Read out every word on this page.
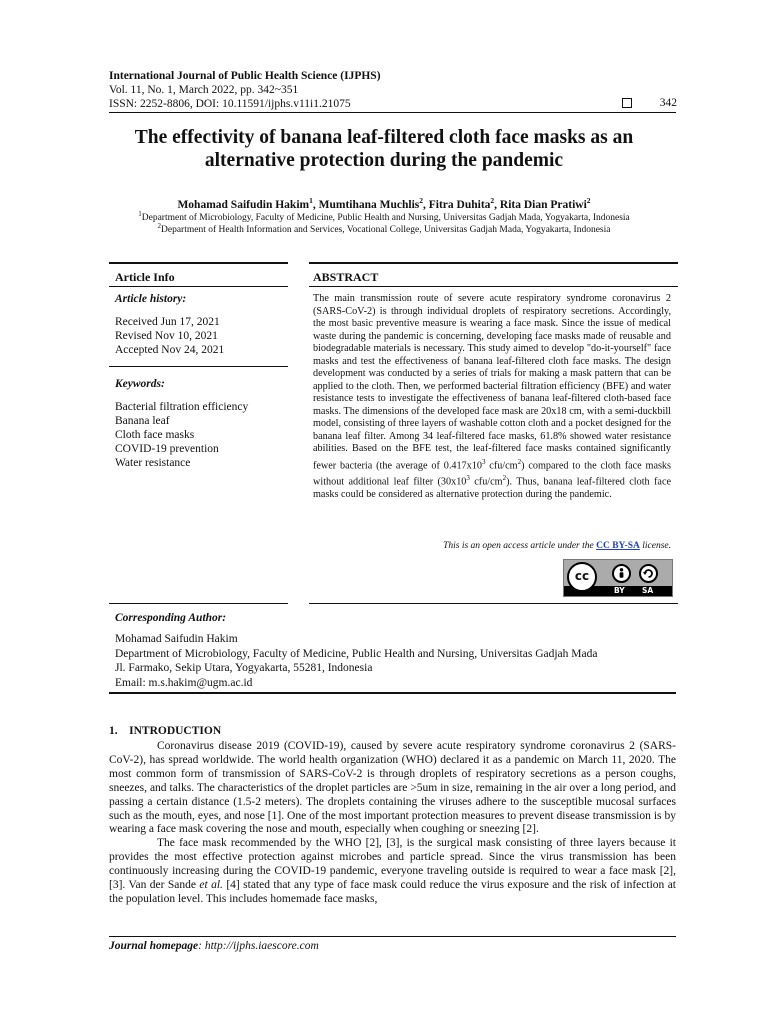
International Journal of Public Health Science (IJPHS)
Vol. 11, No. 1, March 2022, pp. 342~351
ISSN: 2252-8806, DOI: 10.11591/ijphs.v11i1.21075	342
The effectivity of banana leaf-filtered cloth face masks as an
alternative protection during the pandemic
Mohamad Saifudin Hakim$^1$, Mumtihana Muchlis$^2$, Fitra Duhita$^2$, Rita Dian Pratiwi$^2$
$^1$Department of Microbiology, Faculty of Medicine, Public Health and Nursing, Universitas Gadjah Mada, Yogyakarta, Indonesia
$^2$Department of Health Information and Services, Vocational College, Universitas Gadjah Mada, Yogyakarta, Indonesia
Article Info
Article history:
Received Jun 17, 2021
Revised Nov 10, 2021
Accepted Nov 24, 2021
Keywords:
Bacterial filtration efficiency
Banana leaf
Cloth face masks
COVID-19 prevention
Water resistance
ABSTRACT
The main transmission route of severe acute respiratory syndrome coronavirus 2 (SARS-CoV-2) is through individual droplets of respiratory secretions. Accordingly, the most basic preventive measure is wearing a face mask. Since the issue of medical waste during the pandemic is concerning, developing face masks made of reusable and biodegradable materials is necessary. This study aimed to develop "do-it-yourself" face masks and test the effectiveness of banana leaf-filtered cloth face masks. The design development was conducted by a series of trials for making a mask pattern that can be applied to the cloth. Then, we performed bacterial filtration efficiency (BFE) and water resistance tests to investigate the effectiveness of banana leaf-filtered cloth-based face masks. The dimensions of the developed face mask are 20x18 cm, with a semi-duckbill model, consisting of three layers of washable cotton cloth and a pocket designed for the banana leaf filter. Among 34 leaf-filtered face masks, 61.8% showed water resistance abilities. Based on the BFE test, the leaf-filtered face masks contained significantly fewer bacteria (the average of $0.417x10^3$ cfu/$cm^2$) compared to the cloth face masks without additional leaf filter ($30x10^3$ cfu/$cm^2$). Thus, banana leaf-filtered cloth face masks could be considered as alternative protection during the pandemic.
This is an open access article under the CC BY-SA license.
cc
BY SA
Corresponding Author:
Mohamad Saifudin Hakim
Department of Microbiology, Faculty of Medicine, Public Health and Nursing, Universitas Gadjah Mada
Jl. Farmako, Sekip Utara, Yogyakarta, 55281, Indonesia
Email: m.s.hakim@ugm.ac.id
1.    INTRODUCTION

Coronavirus disease 2019 (COVID-19), caused by severe acute respiratory syndrome coronavirus 2 (SARS-CoV-2), has spread worldwide. The world health organization (WHO) declared it as a pandemic on March 11, 2020. The most common form of transmission of SARS-CoV-2 is through droplets of respiratory secretions as a person coughs, sneezes, and talks. The characteristics of the droplet particles are >5um in size, remaining in the air over a long period, and passing a certain distance (1.5-2 meters). The droplets containing the viruses adhere to the susceptible mucosal surfaces such as the mouth, eyes, and nose [1]. One of the most important protection measures to prevent disease transmission is by wearing a face mask covering the nose and mouth, especially when coughing or sneezing [2].

The face mask recommended by the WHO [2], [3], is the surgical mask consisting of three layers because it provides the most effective protection against microbes and particle spread. Since the virus transmission has been continuously increasing during the COVID-19 pandemic, everyone traveling outside is required to wear a face mask [2], [3]. Van der Sande et al. [4] stated that any type of face mask could reduce the virus exposure and the risk of infection at the population level. This includes homemade face masks,

Journal homepage: http://ijphs.iaescore.com
